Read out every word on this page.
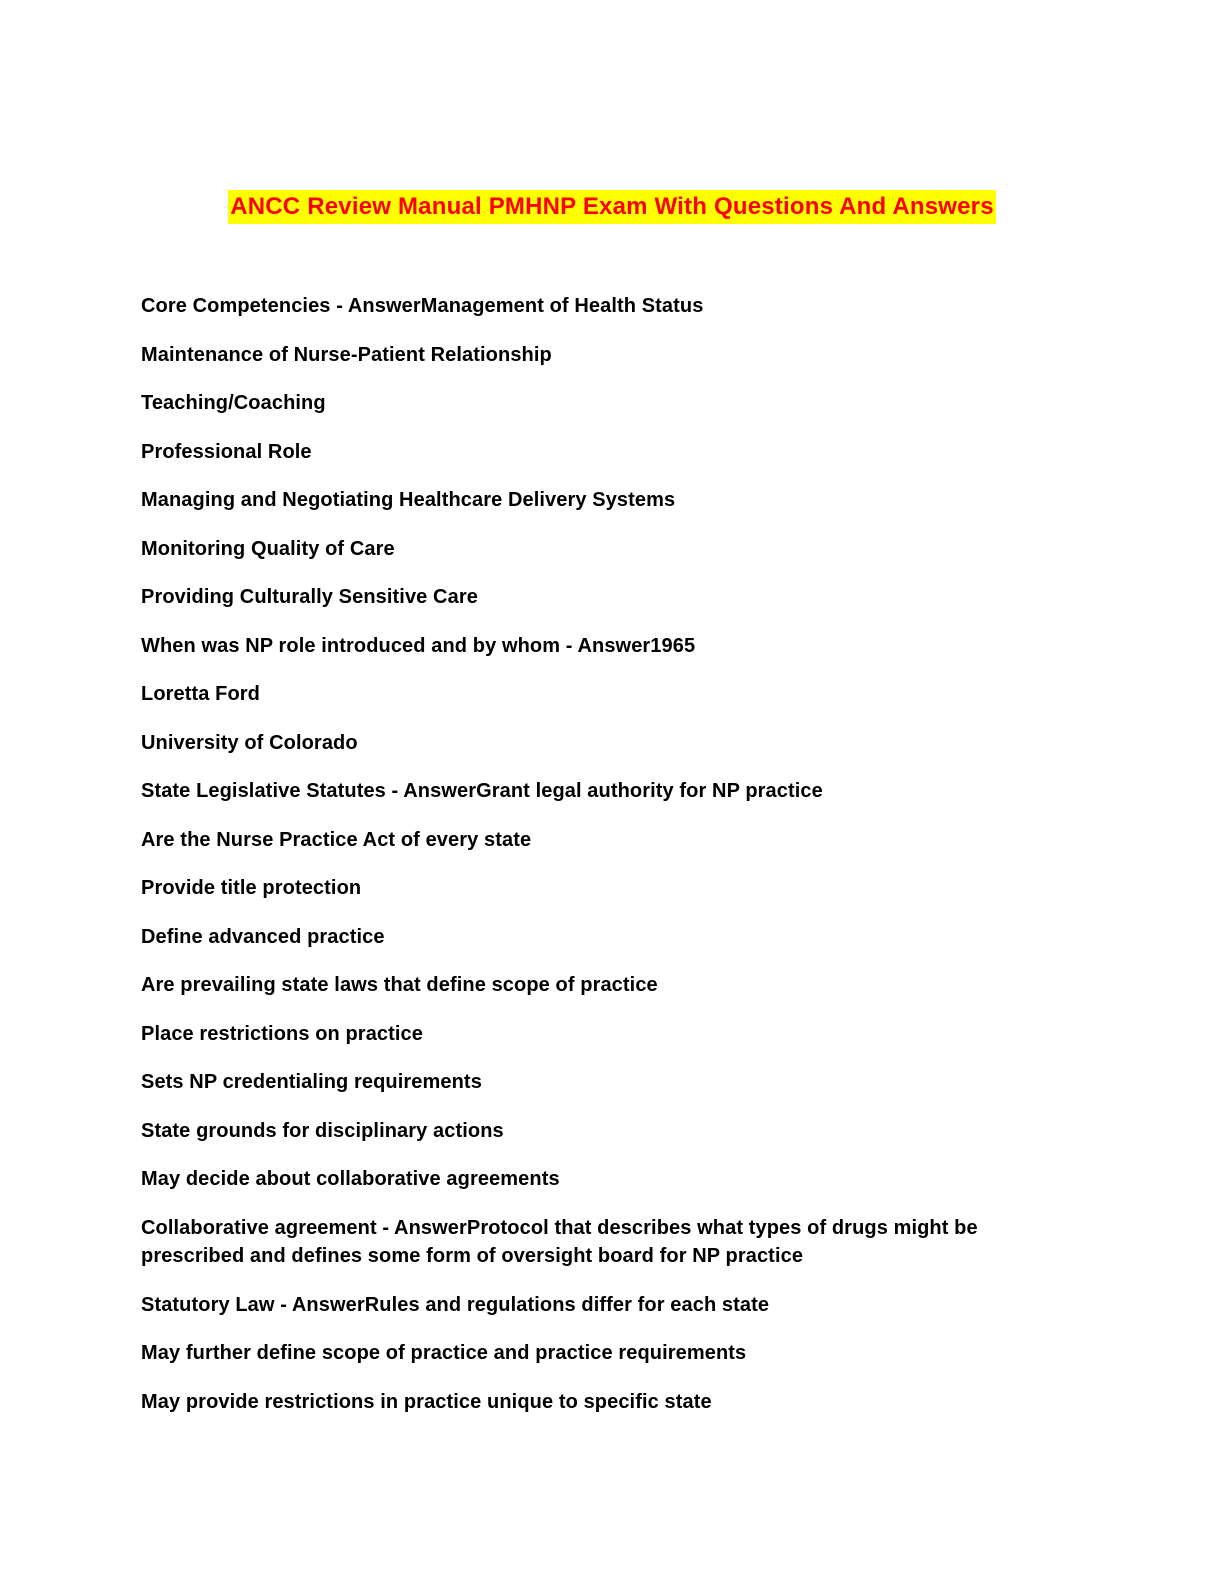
ANCC Review Manual PMHNP Exam With Questions And Answers

Core Competencies - AnswerManagement of Health Status

Maintenance of Nurse-Patient Relationship

Teaching/Coaching

Professional Role

Managing and Negotiating Healthcare Delivery Systems

Monitoring Quality of Care

Providing Culturally Sensitive Care

When was NP role introduced and by whom - Answer1965

Loretta Ford

University of Colorado

State Legislative Statutes - AnswerGrant legal authority for NP practice

Are the Nurse Practice Act of every state

Provide title protection

Define advanced practice

Are prevailing state laws that define scope of practice

Place restrictions on practice

Sets NP credentialing requirements

State grounds for disciplinary actions

May decide about collaborative agreements

Collaborative agreement - AnswerProtocol that describes what types of drugs might be prescribed and defines some form of oversight board for NP practice

Statutory Law - AnswerRules and regulations differ for each state

May further define scope of practice and practice requirements

May provide restrictions in practice unique to specific state
